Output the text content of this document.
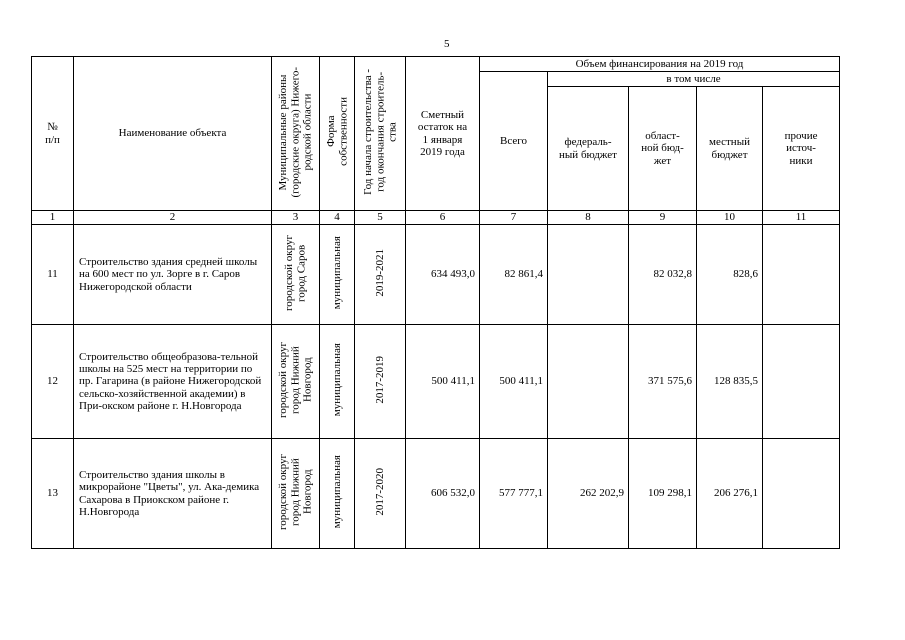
5
№
п/п	Наименование объекта	Муниципальные районы
(городские округа) Нижего-
родской области	Форма
собственности	Год начала строительства -
год окончания строитель-
ства	Сметный
остаток на
1 января
2019 года	Объем финансирования на 2019 год				
						Всего	в том числе			
							федераль-
ный бюджет	област-
ной бюд-
жет	местный
бюджет	прочие
источ-
ники
1	2	3	4	5	6	7	8	9	10	11
11	Строительство здания средней школы на 600 мест по ул. Зорге в г. Саров Нижегородской области	городской округ
город Саров	муниципальная	2019-2021	634 493,0	82 861,4		82 032,8	828,6	
12	Строительство общеобразова-тельной школы на 525 мест на территории по пр. Гагарина (в районе Нижегородской сельско-хозяйственной академии) в При-окском районе г. Н.Новгорода	городской округ
город Нижний
Новгород	муниципальная	2017-2019	500 411,1	500 411,1		371 575,6	128 835,5	
13	Строительство здания школы в микрорайоне "Цветы", ул. Ака-демика Сахарова в Приокском районе г. Н.Новгорода	городской округ
город Нижний
Новгород	муниципальная	2017-2020	606 532,0	577 777,1	262 202,9	109 298,1	206 276,1	
